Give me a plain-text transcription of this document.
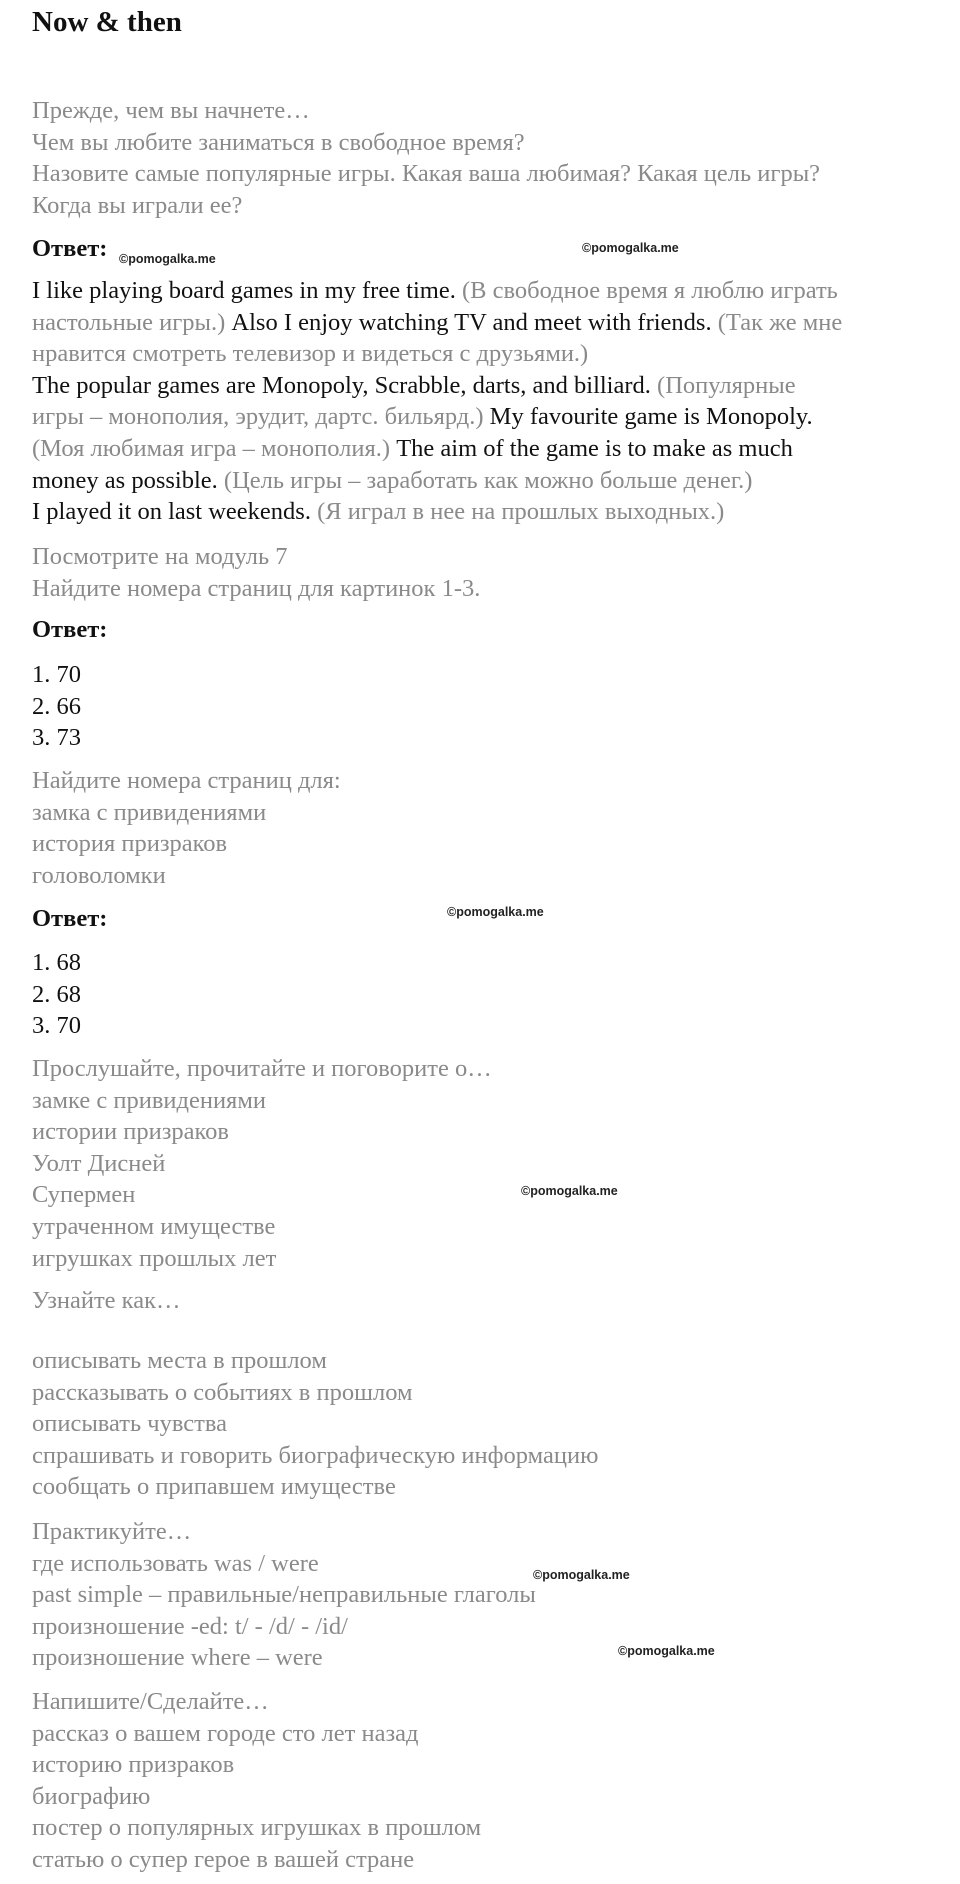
Now & then
Прежде, чем вы начнете…
Чем вы любите заниматься в свободное время?
Назовите самые популярные игры. Какая ваша любимая? Какая цель игры?
Когда вы играли ее?
Ответ: ©pomogalka.me
©pomogalka.me
I like playing board games in my free time. (В свободное время я люблю играть
настольные игры.) Also I enjoy watching TV and meet with friends. (Так же мне
нравится смотреть телевизор и видеться с друзьями.)
The popular games are Monopoly, Scrabble, darts, and billiard. (Популярные
игры – монополия, эрудит, дартс. бильярд.) My favourite game is Monopoly.
(Моя любимая игра – монополия.) The aim of the game is to make as much
money as possible. (Цель игры – заработать как можно больше денег.)
I played it on last weekends. (Я играл в нее на прошлых выходных.)
Посмотрите на модуль 7
Найдите номера страниц для картинок 1-3.
Ответ:
1. 70
2. 66
3. 73
Найдите номера страниц для:
замка с привидениями
история призраков
головоломки
Ответ:	©pomogalka.me
1. 68
2. 68
3. 70
Прослушайте, прочитайте и поговорите о…
замке с привидениями
истории призраков
Уолт Дисней
Супермен
утраченном имуществе
игрушках прошлых лет
©pomogalka.me
Узнайте как…
описывать места в прошлом
рассказывать о событиях в прошлом
описывать чувства
спрашивать и говорить биографическую информацию
сообщать о припавшем имуществе
Практикуйте…
где использовать was / were
past simple – правильные/неправильные глаголы
произношение -ed: t/ - /d/ - /id/
произношение where – were
©pomogalka.me
©pomogalka.me
Напишите/Сделайте…
рассказ о вашем городе сто лет назад
историю призраков
биографию
постер о популярных игрушках в прошлом
статью о супер герое в вашей стране
